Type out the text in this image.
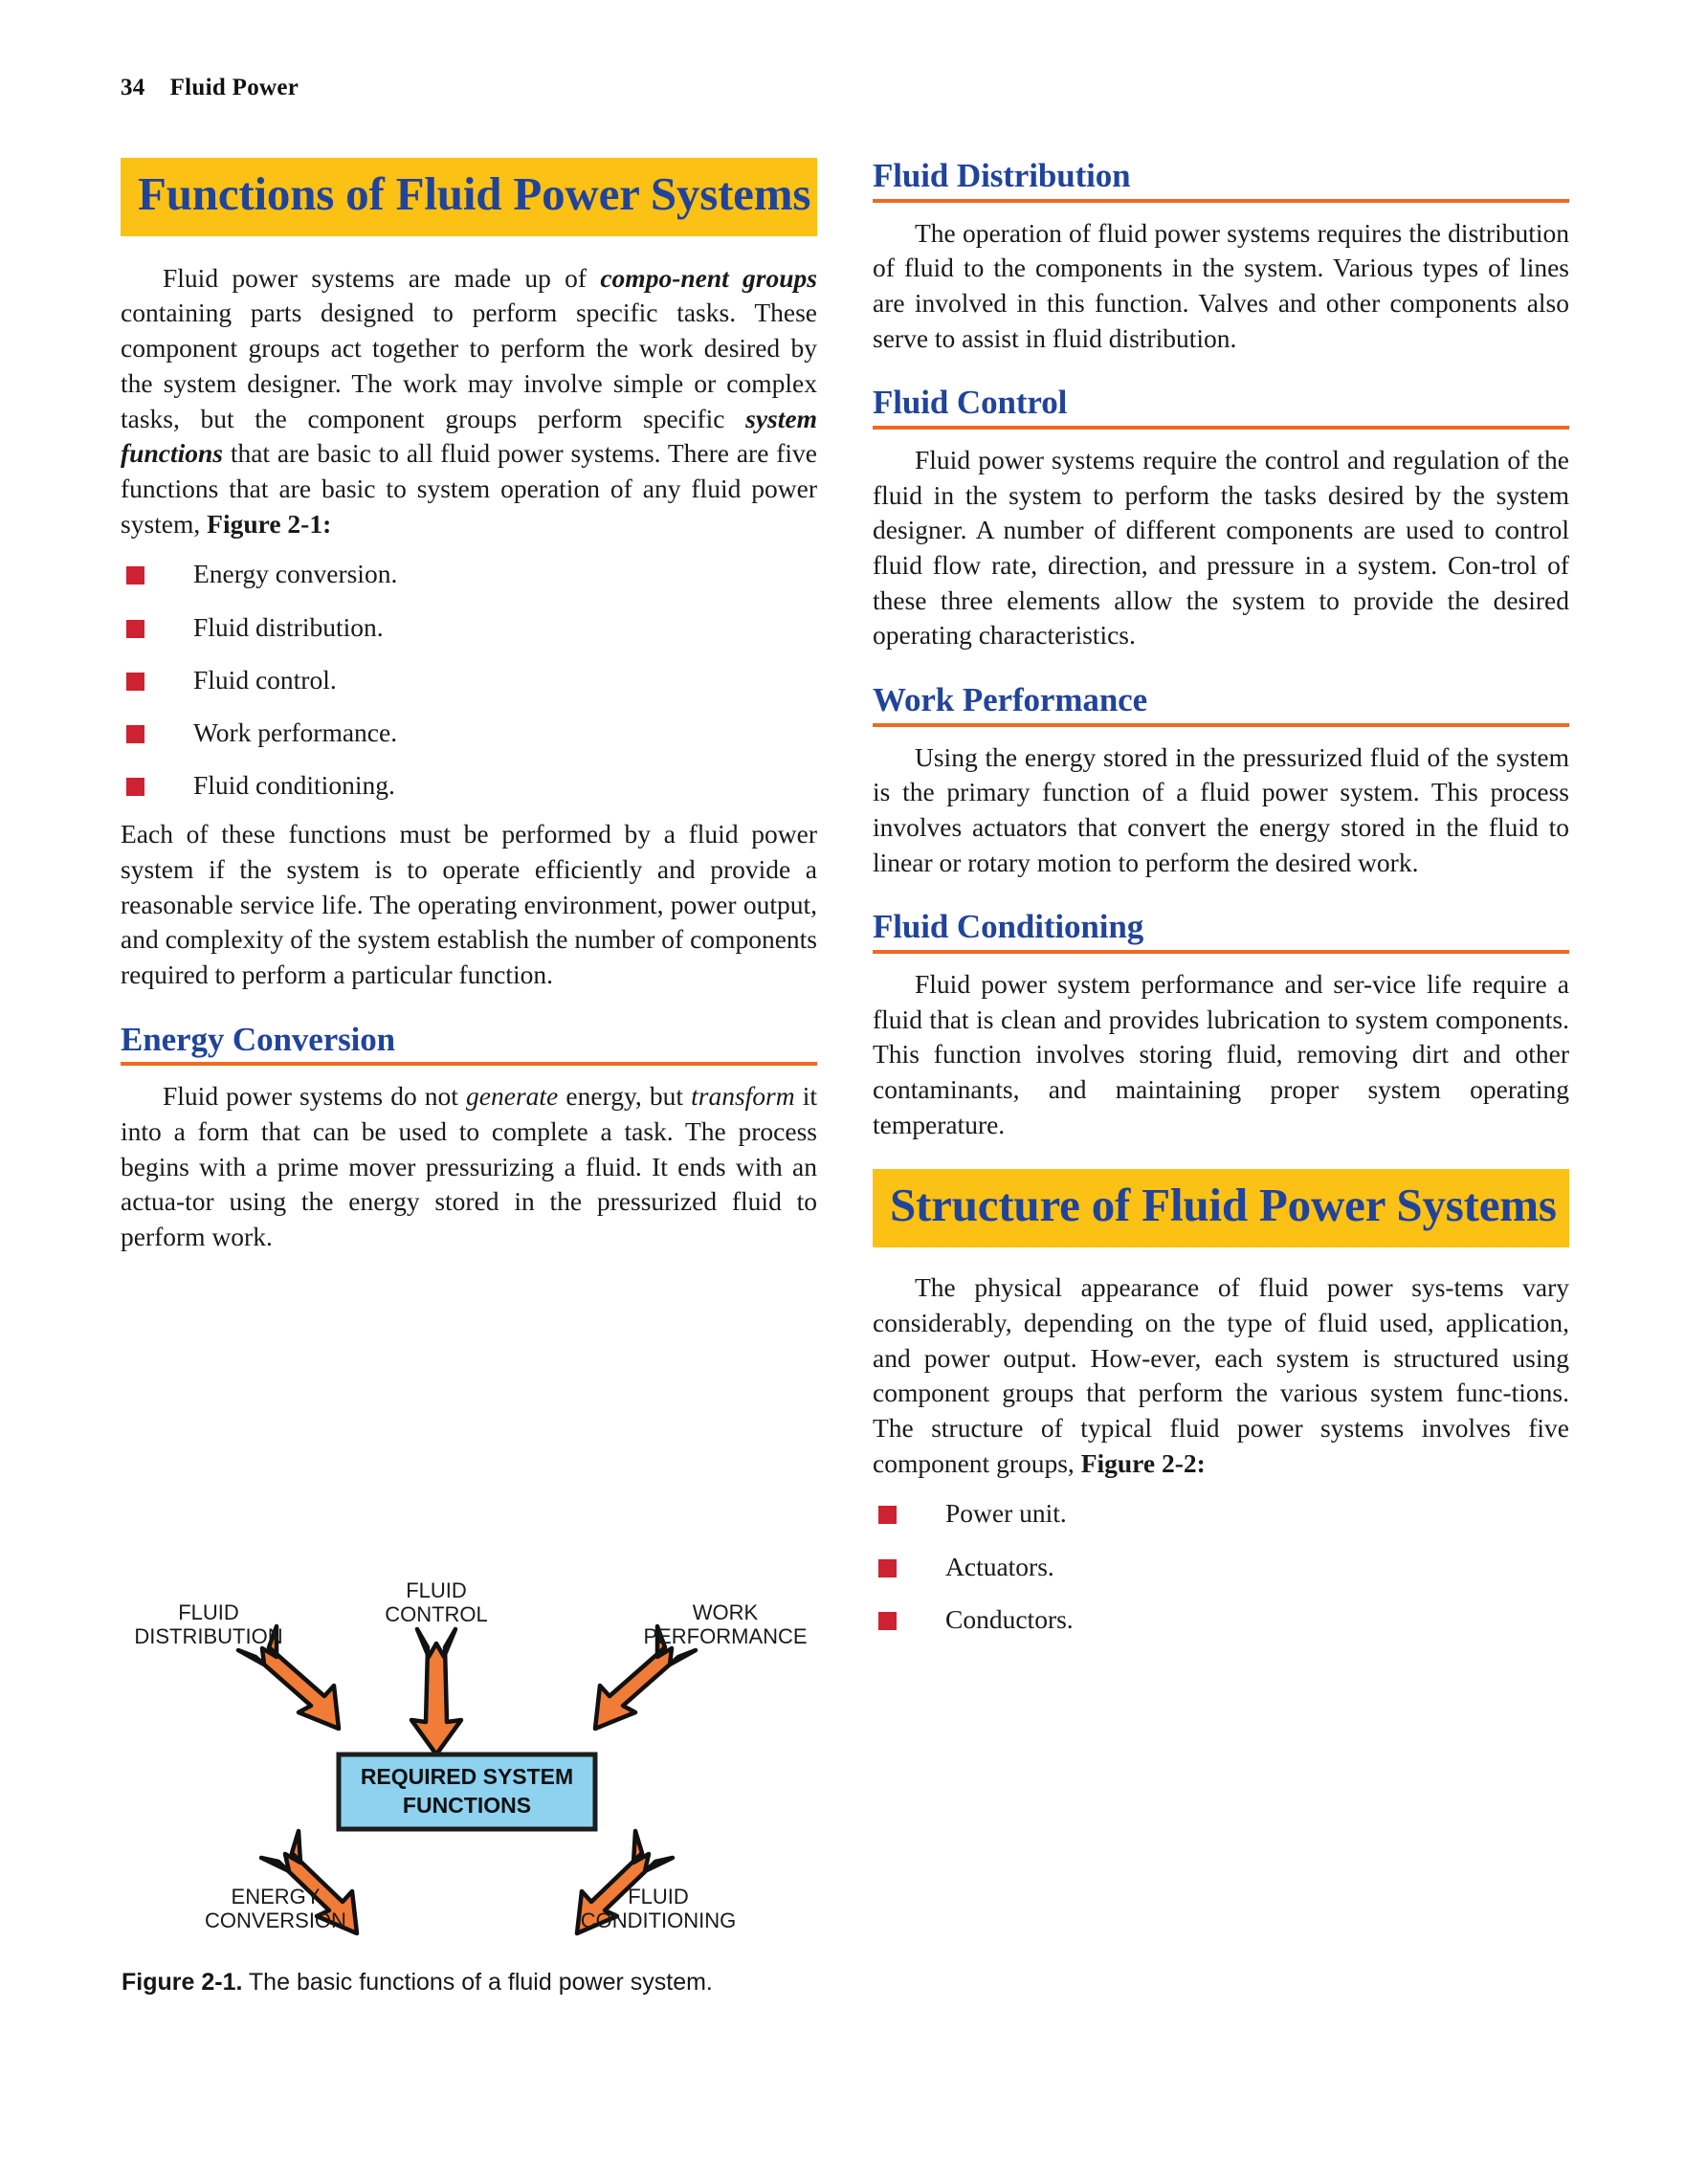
34 Fluid Power
Functions of Fluid Power Systems

Fluid power systems are made up of compo-nent groups containing parts designed to perform specific tasks. These component groups act together to perform the work desired by the system designer. The work may involve simple or complex tasks, but the component groups perform specific system functions that are basic to all fluid power systems. There are five functions that are basic to system operation of any fluid power system, Figure 2-1:

Energy conversion.
Fluid distribution.
Fluid control.
Work performance.
Fluid conditioning.

Each of these functions must be performed by a fluid power system if the system is to operate efficiently and provide a reasonable service life. The operating environment, power output, and complexity of the system establish the number of components required to perform a particular function.

Energy Conversion

Fluid power systems do not generate energy, but transform it into a form that can be used to complete a task. The process begins with a prime mover pressurizing a fluid. It ends with an actua-tor using the energy stored in the pressurized fluid to perform work.

REQUIRED SYSTEM
FUNCTIONS
FLUID
CONTROL
FLUID
DISTRIBUTION
WORK
PERFORMANCE
ENERGY
CONVERSION
FLUID
CONDITIONING
Figure 2-1. The basic functions of a fluid power system.
Fluid Distribution

The operation of fluid power systems requires the distribution of fluid to the components in the system. Various types of lines are involved in this function. Valves and other components also serve to assist in fluid distribution.

Fluid Control

Fluid power systems require the control and regulation of the fluid in the system to perform the tasks desired by the system designer. A number of different components are used to control fluid flow rate, direction, and pressure in a system. Con-trol of these three elements allow the system to provide the desired operating characteristics.

Work Performance

Using the energy stored in the pressurized fluid of the system is the primary function of a fluid power system. This process involves actuators that convert the energy stored in the fluid to linear or rotary motion to perform the desired work.

Fluid Conditioning

Fluid power system performance and ser-vice life require a fluid that is clean and provides lubrication to system components. This function involves storing fluid, removing dirt and other contaminants, and maintaining proper system operating temperature.

Structure of Fluid Power Systems

The physical appearance of fluid power sys-tems vary considerably, depending on the type of fluid used, application, and power output. How-ever, each system is structured using component groups that perform the various system func-tions. The structure of typical fluid power systems involves five component groups, Figure 2-2:

Power unit.
Actuators.
Conductors.
